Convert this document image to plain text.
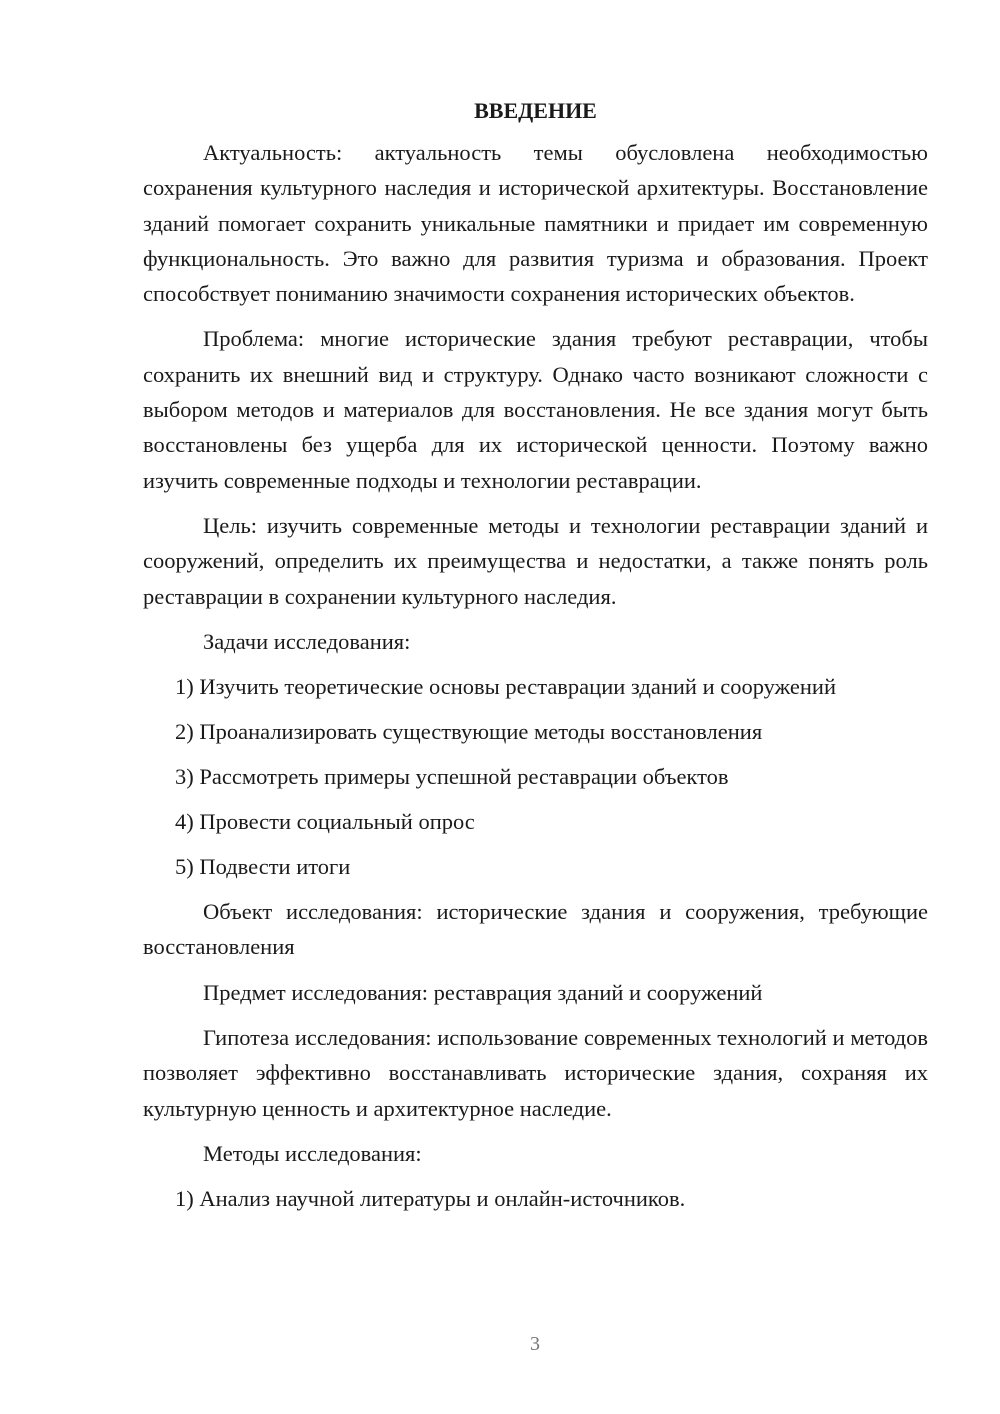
ВВЕДЕНИЕ

Актуальность: актуальность темы обусловлена необходимостью сохранения культурного наследия и исторической архитектуры. Восстановление зданий помогает сохранить уникальные памятники и придает им современную функциональность. Это важно для развития туризма и образования. Проект способствует пониманию значимости сохранения исторических объектов.

Проблема: многие исторические здания требуют реставрации, чтобы сохранить их внешний вид и структуру. Однако часто возникают сложности с выбором методов и материалов для восстановления. Не все здания могут быть восстановлены без ущерба для их исторической ценности. Поэтому важно изучить современные подходы и технологии реставрации.

Цель: изучить современные методы и технологии реставрации зданий и сооружений, определить их преимущества и недостатки, а также понять роль реставрации в сохранении культурного наследия.

Задачи исследования:

1) Изучить теоретические основы реставрации зданий и сооружений

2) Проанализировать существующие методы восстановления

3) Рассмотреть примеры успешной реставрации объектов

4) Провести социальный опрос

5) Подвести итоги

Объект исследования: исторические здания и сооружения, требующие восстановления

Предмет исследования: реставрация зданий и сооружений

Гипотеза исследования: использование современных технологий и методов позволяет эффективно восстанавливать исторические здания, сохраняя их культурную ценность и архитектурное наследие.

Методы исследования:

1) Анализ научной литературы и онлайн-источников.

3
